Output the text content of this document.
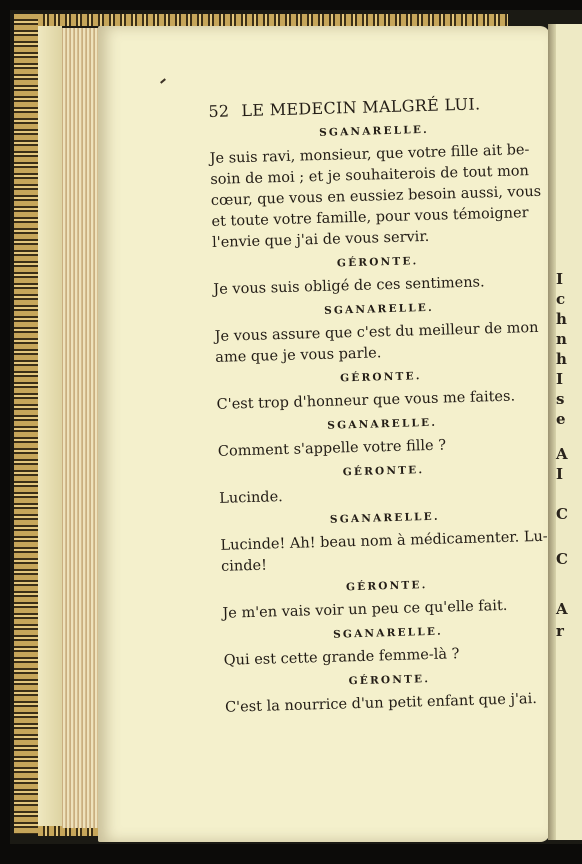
52 LE MEDECIN MALGRÉ LUI.
SGANARELLE.
Je suis ravi, monsieur, que votre fille ait be-
soin de moi ; et je souhaiterois de tout mon
cœur, que vous en eussiez besoin aussi, vous
et toute votre famille, pour vous témoigner
l'envie que j'ai de vous servir.
GÉRONTE.
Je vous suis obligé de ces sentimens.
SGANARELLE.
Je vous assure que c'est du meilleur de mon
ame que je vous parle.
GÉRONTE.
C'est trop d'honneur que vous me faites.
SGANARELLE.
Comment s'appelle votre fille ?
GÉRONTE.
Lucinde.
SGANARELLE.
Lucinde! Ah! beau nom à médicamenter. Lu-
cinde!
GÉRONTE.
Je m'en vais voir un peu ce qu'elle fait.
SGANARELLE.
Qui est cette grande femme-là ?
GÉRONTE.
C'est la nourrice d'un petit enfant que j'ai.
I
c
h
n
h
I
s
e
A
I
C
C
A
r
